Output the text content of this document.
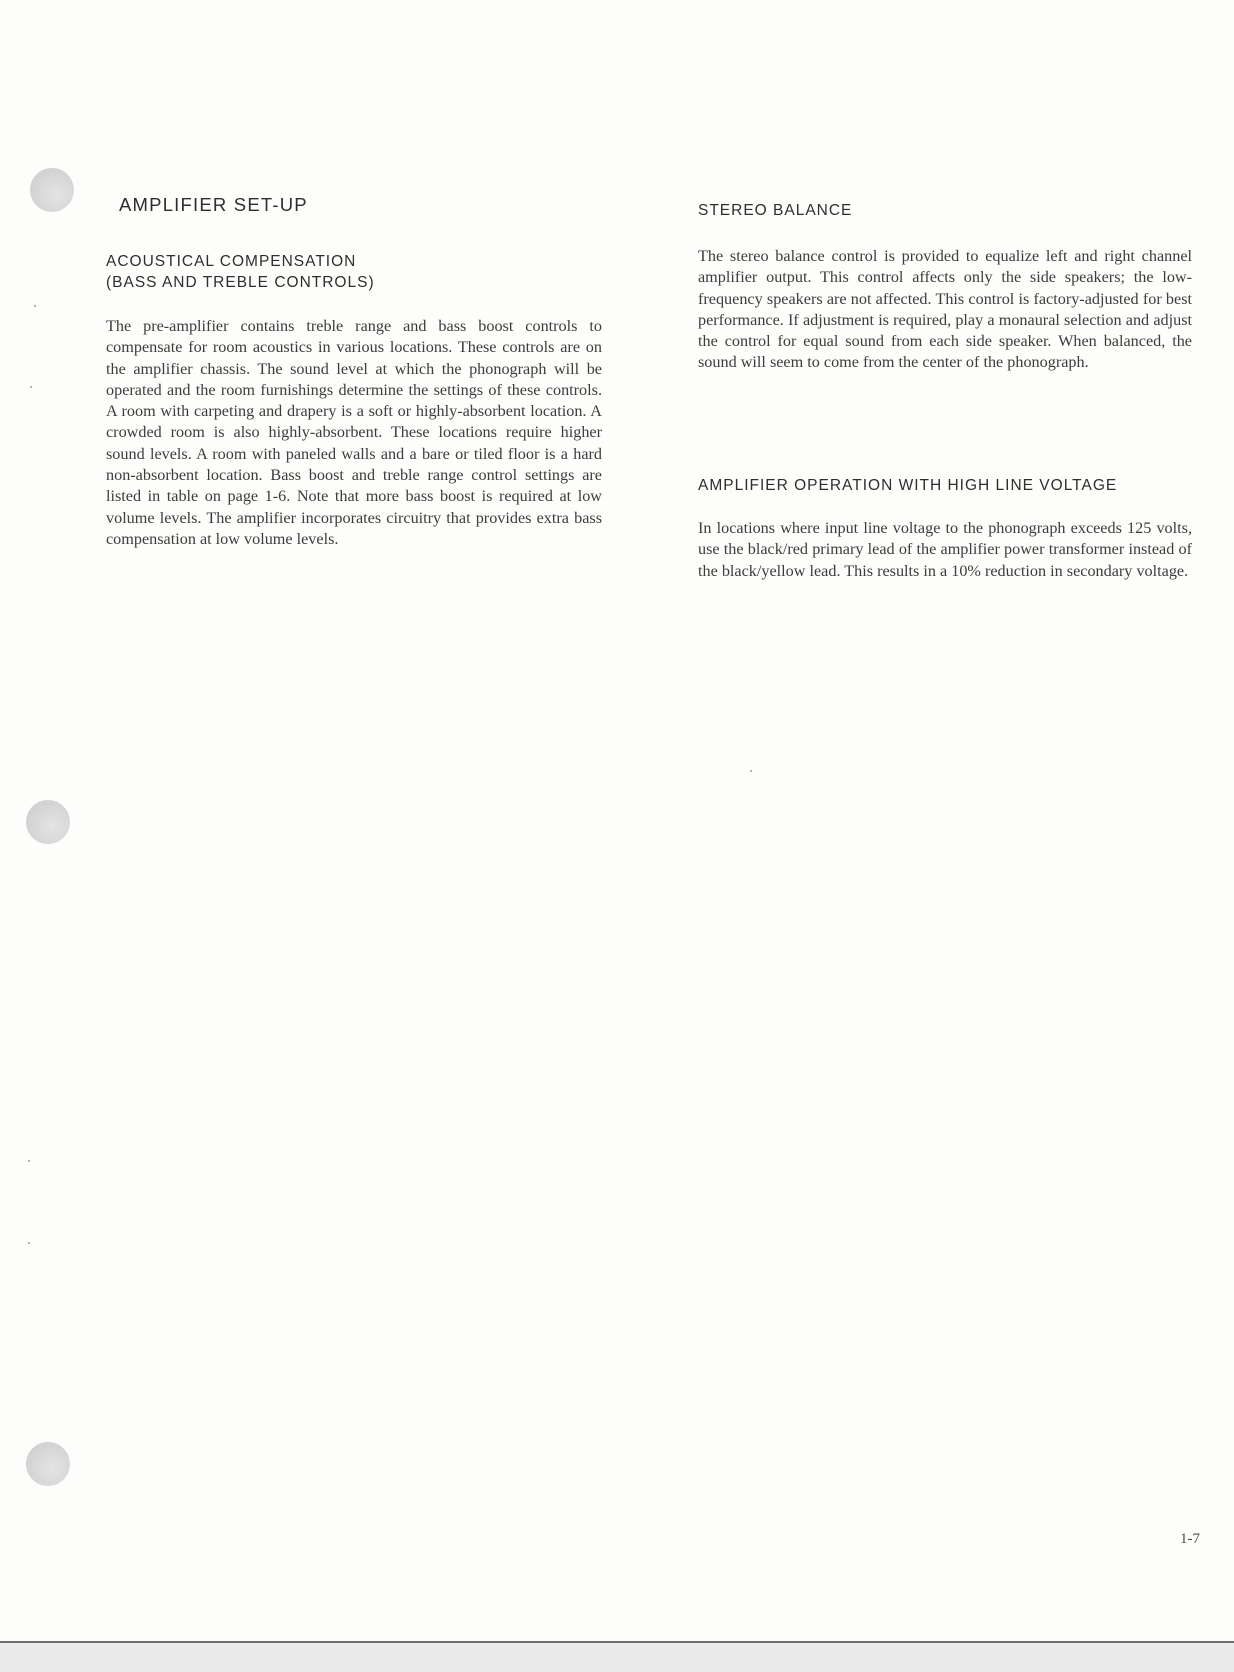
AMPLIFIER SET-UP
ACOUSTICAL COMPENSATION
(BASS AND TREBLE CONTROLS)

The pre-amplifier contains treble range and bass boost controls to compensate for room acoustics in various locations. These controls are on the amplifier chassis. The sound level at which the phonograph will be operated and the room furnishings determine the settings of these controls. A room with carpeting and drapery is a soft or highly-absorbent location. A crowded room is also highly-absorbent. These locations require higher sound levels. A room with paneled walls and a bare or tiled floor is a hard non-absorbent location. Bass boost and treble range control settings are listed in table on page 1-6. Note that more bass boost is required at low volume levels. The amplifier incorporates circuitry that provides extra bass compensation at low volume levels.

STEREO BALANCE

The stereo balance control is provided to equalize left and right channel amplifier output. This control affects only the side speakers; the low-frequency speakers are not affected. This control is factory-adjusted for best performance. If adjustment is required, play a monaural selection and adjust the control for equal sound from each side speaker. When balanced, the sound will seem to come from the center of the phonograph.

AMPLIFIER OPERATION WITH HIGH LINE VOLTAGE

In locations where input line voltage to the phonograph exceeds 125 volts, use the black/red primary lead of the amplifier power transformer instead of the black/yellow lead. This results in a 10% reduction in secondary voltage.

1-7
